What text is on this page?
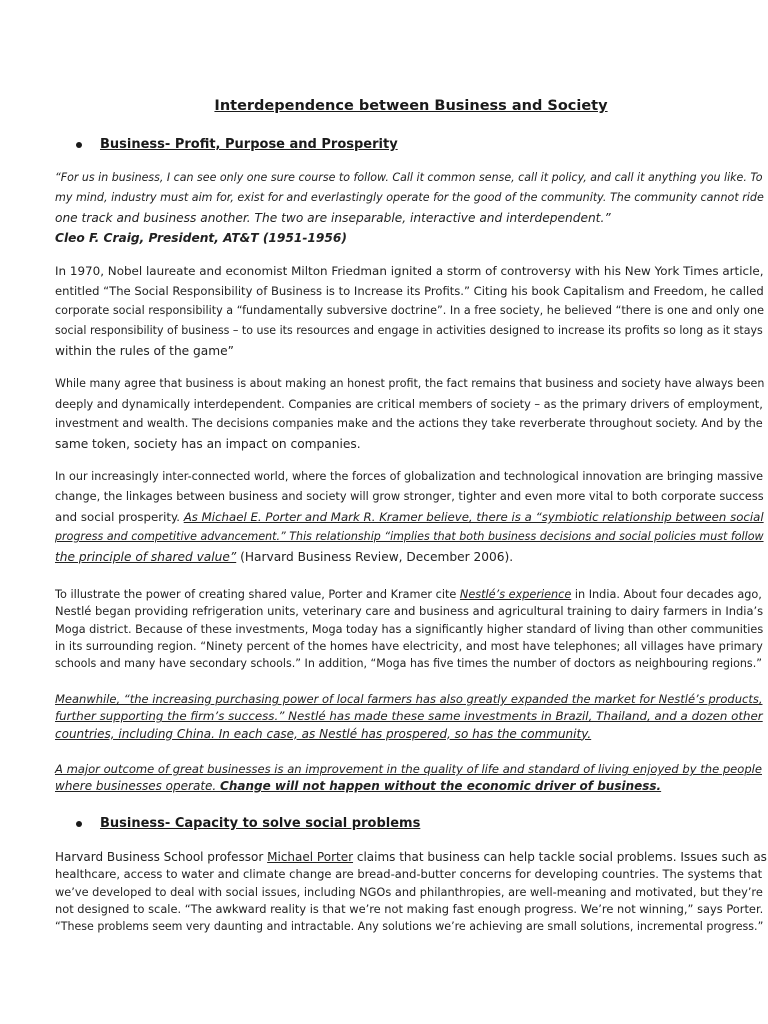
Interdependence between Business and Society
Business- Profit, Purpose and Prosperity
“For us in business, I can see only one sure course to follow. Call it common sense, call it policy, and call it anything you like. To
my mind, industry must aim for, exist for and everlastingly operate for the good of the community. The community cannot ride
one track and business another. The two are inseparable, interactive and interdependent.”
Cleo F. Craig, President, AT&T (1951-1956)
In 1970, Nobel laureate and economist Milton Friedman ignited a storm of controversy with his New York Times article,
entitled “The Social Responsibility of Business is to Increase its Profits.” Citing his book Capitalism and Freedom, he called
corporate social responsibility a “fundamentally subversive doctrine”. In a free society, he believed “there is one and only one
social responsibility of business – to use its resources and engage in activities designed to increase its profits so long as it stays
within the rules of the game”
While many agree that business is about making an honest profit, the fact remains that business and society have always been
deeply and dynamically interdependent. Companies are critical members of society – as the primary drivers of employment,
investment and wealth. The decisions companies make and the actions they take reverberate throughout society. And by the
same token, society has an impact on companies.
In our increasingly inter-connected world, where the forces of globalization and technological innovation are bringing massive
change, the linkages between business and society will grow stronger, tighter and even more vital to both corporate success
and social prosperity. As Michael E. Porter and Mark R. Kramer believe, there is a “symbiotic relationship between social
progress and competitive advancement.” This relationship “implies that both business decisions and social policies must follow
the principle of shared value” (Harvard Business Review, December 2006).
To illustrate the power of creating shared value, Porter and Kramer cite Nestlé’s experience in India. About four decades ago,
Nestlé began providing refrigeration units, veterinary care and business and agricultural training to dairy farmers in India’s
Moga district. Because of these investments, Moga today has a significantly higher standard of living than other communities
in its surrounding region. “Ninety percent of the homes have electricity, and most have telephones; all villages have primary
schools and many have secondary schools.” In addition, “Moga has five times the number of doctors as neighbouring regions.”
Meanwhile, “the increasing purchasing power of local farmers has also greatly expanded the market for Nestlé’s products,
further supporting the firm’s success.” Nestlé has made these same investments in Brazil, Thailand, and a dozen other
countries, including China. In each case, as Nestlé has prospered, so has the community.
A major outcome of great businesses is an improvement in the quality of life and standard of living enjoyed by the people
where businesses operate. Change will not happen without the economic driver of business.
Business- Capacity to solve social problems
Harvard Business School professor Michael Porter claims that business can help tackle social problems. Issues such as
healthcare, access to water and climate change are bread-and-butter concerns for developing countries. The systems that
we’ve developed to deal with social issues, including NGOs and philanthropies, are well-meaning and motivated, but they’re
not designed to scale. “The awkward reality is that we’re not making fast enough progress. We’re not winning,” says Porter.
“These problems seem very daunting and intractable. Any solutions we’re achieving are small solutions, incremental progress.”
